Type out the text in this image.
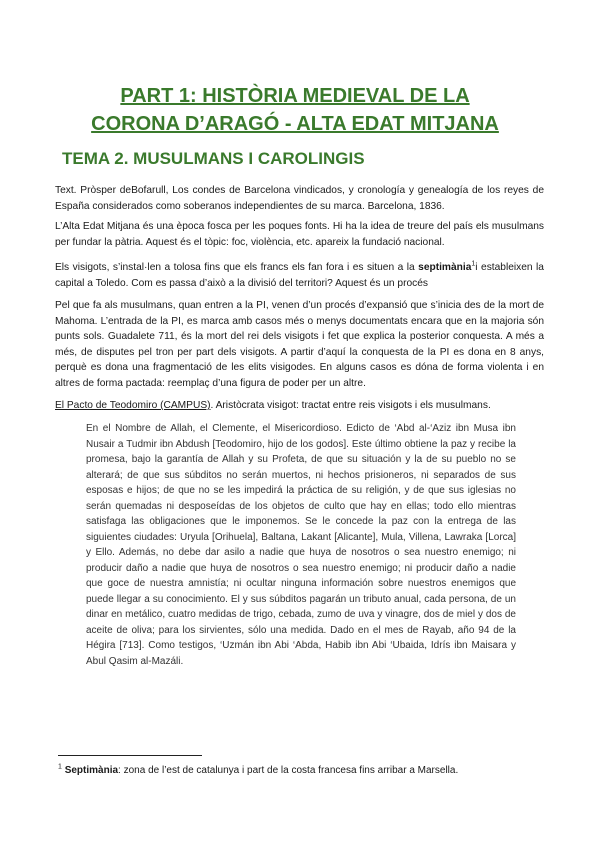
PART 1: HISTÒRIA MEDIEVAL DE LA
CORONA D’ARAGÓ - ALTA EDAT MITJANA
TEMA 2. MUSULMANS I CAROLINGIS

Text. Pròsper deBofarull, Los condes de Barcelona vindicados, y cronología y genealogía de los reyes de España considerados como soberanos independientes de su marca. Barcelona, 1836.

L’Alta Edat Mitjana és una època fosca per les poques fonts. Hi ha la idea de treure del país els musulmans per fundar la pàtria. Aquest és el tòpic: foc, violència, etc. apareix la fundació nacional.

Els visigots, s’instal·len a tolosa fins que els francs els fan fora i es situen a la septimània$^1$i estableixen la capital a Toledo. Com es passa d’això a la divisió del territori? Aquest és un procés

Pel que fa als musulmans, quan entren a la PI, venen d’un procés d’expansió que s’inicia des de la mort de Mahoma. L’entrada de la PI, es marca amb casos més o menys documentats encara que en la majoria són punts sols. Guadalete 711, és la mort del rei dels visigots i fet que explica la posterior conquesta. A més a més, de disputes pel tron per part dels visigots. A partir d’aquí la conquesta de la PI es dona en 8 anys, perquè es dona una fragmentació de les elits visigodes. En alguns casos es dóna de forma violenta i en altres de forma pactada: reemplaç d’una figura de poder per un altre.

El Pacto de Teodomiro (CAMPUS). Aristòcrata visigot: tractat entre reis visigots i els musulmans.

En el Nombre de Allah, el Clemente, el Misericordioso. Edicto de ‘Abd al-‘Aziz ibn Musa ibn Nusair a Tudmir ibn Abdush [Teodomiro, hijo de los godos]. Este último obtiene la paz y recibe la promesa, bajo la garantía de Allah y su Profeta, de que su situación y la de su pueblo no se alterará; de que sus súbditos no serán muertos, ni hechos prisioneros, ni separados de sus esposas e hijos; de que no se les impedirá la práctica de su religión, y de que sus iglesias no serán quemadas ni desposeídas de los objetos de culto que hay en ellas; todo ello mientras satisfaga las obligaciones que le imponemos. Se le concede la paz con la entrega de las siguientes ciudades: Uryula [Orihuela], Baltana, Lakant [Alicante], Mula, Villena, Lawraka [Lorca] y Ello. Además, no debe dar asilo a nadie que huya de nosotros o sea nuestro enemigo; ni producir daño a nadie que huya de nosotros o sea nuestro enemigo; ni producir daño a nadie que goce de nuestra amnistía; ni ocultar ninguna información sobre nuestros enemigos que puede llegar a su conocimiento. El y sus súbditos pagarán un tributo anual, cada persona, de un dinar en metálico, cuatro medidas de trigo, cebada, zumo de uva y vinagre, dos de miel y dos de aceite de oliva; para los sirvientes, sólo una medida. Dado en el mes de Rayab, año 94 de la Hégira [713]. Como testigos, ‘Uzmán ibn Abi ‘Abda, Habib ibn Abi ‘Ubaida, Idrís ibn Maisara y Abul Qasim al-Mazáli.
$^1$ Septimània: zona de l’est de catalunya i part de la costa francesa fins arribar a Marsella.
